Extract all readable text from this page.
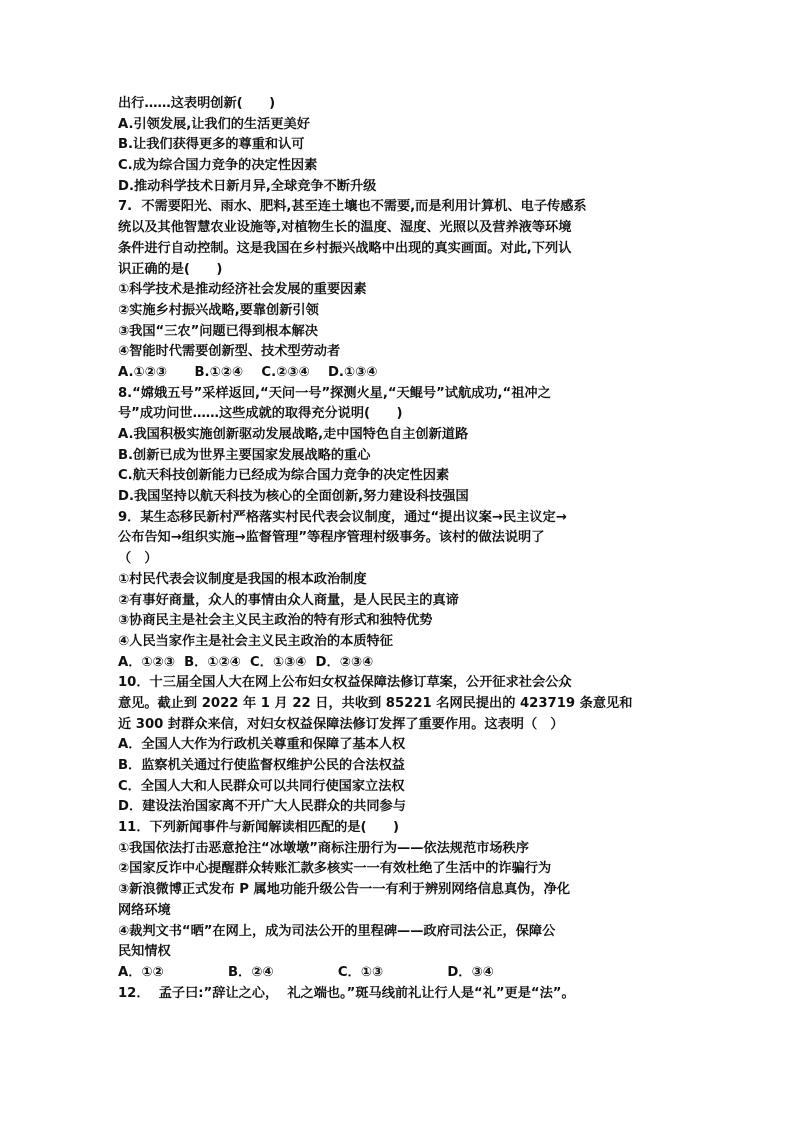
出行……这表明创新(　　)
A.引领发展,让我们的生活更美好
B.让我们获得更多的尊重和认可
C.成为综合国力竞争的决定性因素
D.推动科学技术日新月异,全球竞争不断升级
7.  不需要阳光、雨水、肥料,甚至连土壤也不需要,而是利用计算机、电子传感系
统以及其他智慧农业设施等,对植物生长的温度、湿度、光照以及营养液等环境
条件进行自动控制。这是我国在乡村振兴战略中出现的真实画面。对此,下列认
识正确的是(　　)
①科学技术是推动经济社会发展的重要因素
②实施乡村振兴战略,要靠创新引领
③我国“三农”问题已得到根本解决
④智能时代需要创新型、技术型劳动者
A.①②③      B.①②④    C.②③④    D.①③④
8.“嫦娥五号”采样返回,“天问一号”探测火星,“天鲲号”试航成功,“祖冲之
号”成功问世……这些成就的取得充分说明(　　)
A.我国积极实施创新驱动发展战略,走中国特色自主创新道路
B.创新已成为世界主要国家发展战略的重心
C.航天科技创新能力已经成为综合国力竞争的决定性因素
D.我国坚持以航天科技为核心的全面创新,努力建设科技强国
9．某生态移民新村严格落实村民代表会议制度，通过“提出议案→民主议定→
公布告知→组织实施→监督管理”等程序管理村级事务。该村的做法说明了
（　）
①村民代表会议制度是我国的根本政治制度
②有事好商量，众人的事情由众人商量，是人民民主的真谛
③协商民主是社会主义民主政治的特有形式和独特优势
④人民当家作主是社会主义民主政治的本质特征
A．①②③  B．①②④  C．①③④  D．②③④
10．十三届全国人大在网上公布妇女权益保障法修订草案，公开征求社会公众
意见。截止到 2022 年 1 月 22 日，共收到 85221 名网民提出的 423719 条意见和
近 300 封群众来信，对妇女权益保障法修订发挥了重要作用。这表明（　）
A．全国人大作为行政机关尊重和保障了基本人权
B．监察机关通过行使监督权维护公民的合法权益
C．全国人大和人民群众可以共同行使国家立法权
D．建设法治国家离不开广大人民群众的共同参与
11．下列新闻事件与新闻解读相匹配的是(　　)
①我国依法打击恶意抢注“冰墩墩”商标注册行为——依法规范市场秩序
②国家反诈中心提醒群众转账汇款多核实一一有效杜绝了生活中的诈骗行为
③新浪微博正式发布 P 属地功能升级公告一一有利于辨别网络信息真伪，净化
网络环境
④裁判文书“晒”在网上，成为司法公开的里程碑——政府司法公正，保障公
民知情权
A．①②              B．②④              C．①③              D．③④
12．  孟子曰:”辞让之心，  礼之端也。”斑马线前礼让行人是“礼”更是“法”。
